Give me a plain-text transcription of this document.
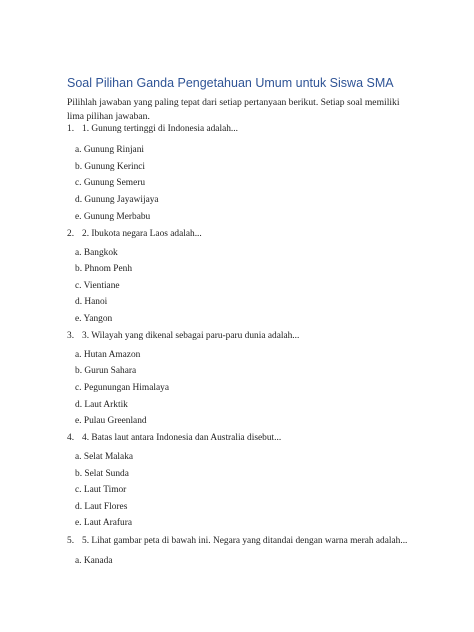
Soal Pilihan Ganda Pengetahuan Umum untuk Siswa SMA
Pilihlah jawaban yang paling tepat dari setiap pertanyaan berikut. Setiap soal memiliki lima pilihan jawaban.
1. 1. Gunung tertinggi di Indonesia adalah...
a. Gunung Rinjani
b. Gunung Kerinci
c. Gunung Semeru
d. Gunung Jayawijaya
e. Gunung Merbabu
2. 2. Ibukota negara Laos adalah...
a. Bangkok
b. Phnom Penh
c. Vientiane
d. Hanoi
e. Yangon
3. 3. Wilayah yang dikenal sebagai paru-paru dunia adalah...
a. Hutan Amazon
b. Gurun Sahara
c. Pegunungan Himalaya
d. Laut Arktik
e. Pulau Greenland
4. 4. Batas laut antara Indonesia dan Australia disebut...
a. Selat Malaka
b. Selat Sunda
c. Laut Timor
d. Laut Flores
e. Laut Arafura
5. 5. Lihat gambar peta di bawah ini. Negara yang ditandai dengan warna merah adalah...
a. Kanada
